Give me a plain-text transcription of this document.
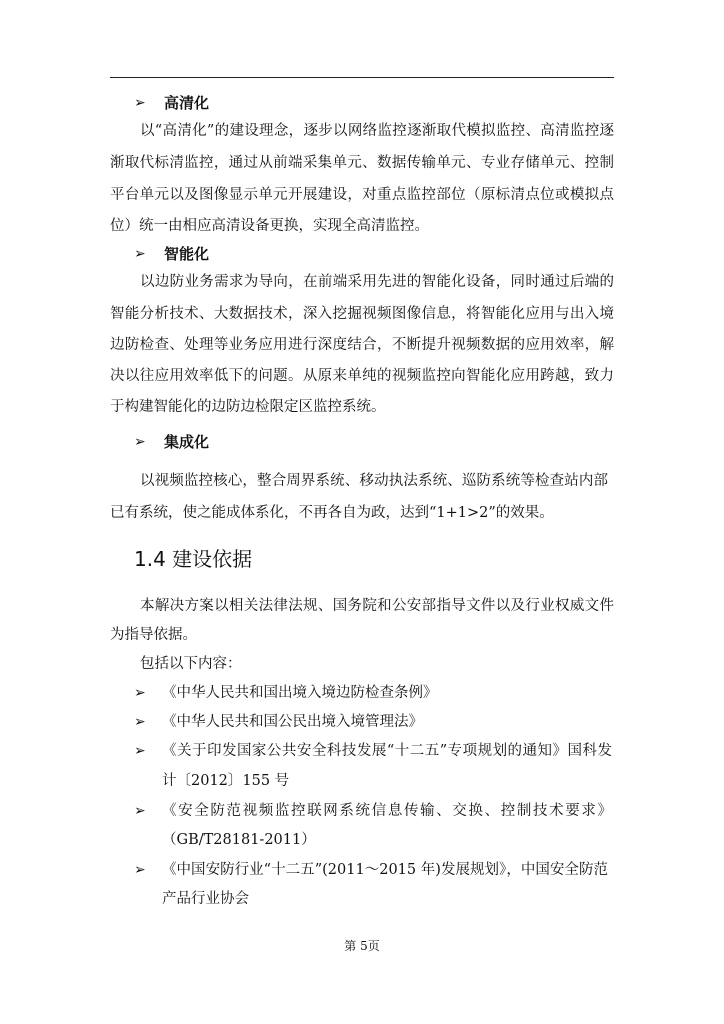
➢ 高清化
以“高清化”的建设理念，逐步以网络监控逐渐取代模拟监控、高清监控逐
渐取代标清监控，通过从前端采集单元、数据传输单元、专业存储单元、控制
平台单元以及图像显示单元开展建设，对重点监控部位（原标清点位或模拟点
位）统一由相应高清设备更换，实现全高清监控。
➢ 智能化
以边防业务需求为导向，在前端采用先进的智能化设备，同时通过后端的
智能分析技术、大数据技术，深入挖掘视频图像信息，将智能化应用与出入境
边防检查、处理等业务应用进行深度结合，不断提升视频数据的应用效率，解
决以往应用效率低下的问题。从原来单纯的视频监控向智能化应用跨越，致力
于构建智能化的边防边检限定区监控系统。
➢ 集成化
以视频监控核心，整合周界系统、移动执法系统、巡防系统等检查站内部
已有系统，使之能成体系化，不再各自为政，达到“1+1>2”的效果。
1.4 建设依据
本解决方案以相关法律法规、国务院和公安部指导文件以及行业权威文件
为指导依据。
包括以下内容：
➢ 《中华人民共和国出境入境边防检查条例》
➢ 《中华人民共和国公民出境入境管理法》
➢ 《关于印发国家公共安全科技发展“十二五”专项规划的通知》国科发
计〔2012〕155 号
➢ 《安全防范视频监控联网系统信息传输、交换、控制技术要求》
（GB/T28181-2011）
➢ 《中国安防行业“十二五”(2011～2015 年)发展规划》，中国安全防范
产品行业协会
第 5页
